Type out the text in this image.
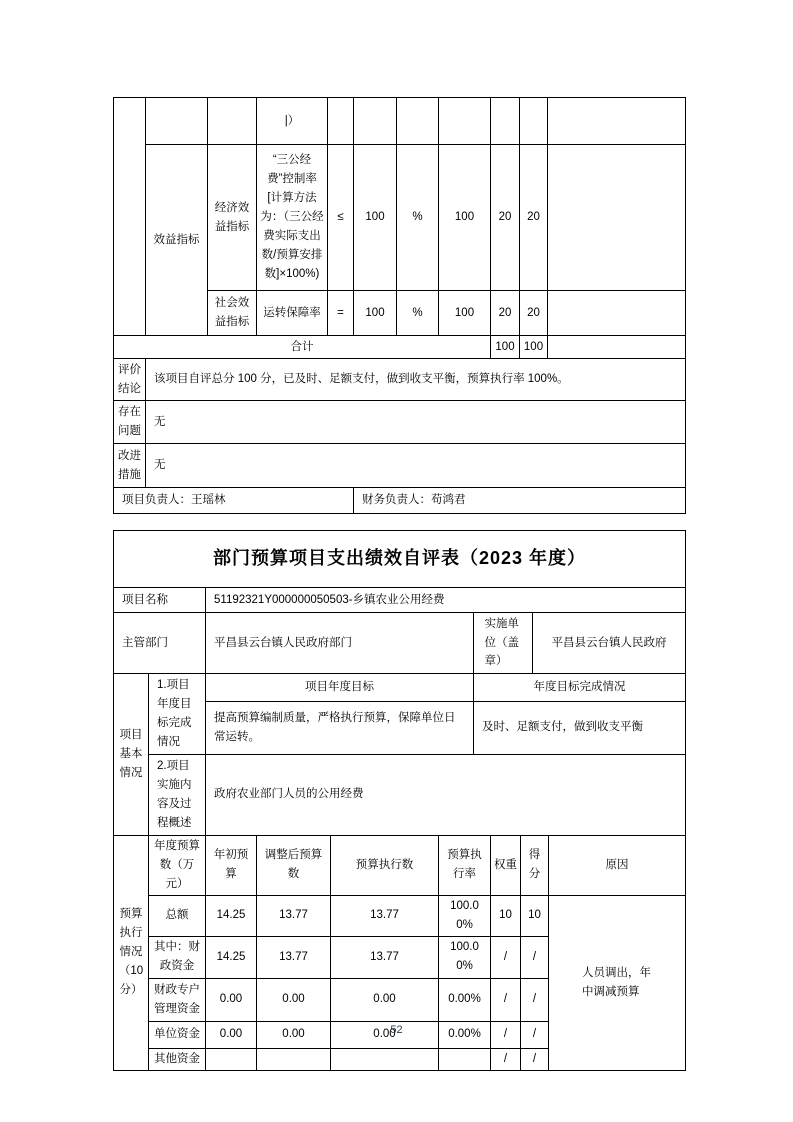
			|）							
	效益指标	经济效益指标	“三公经费”控制率[计算方法为：（三公经费实际支出数/预算安排数]×100%)	≤	100	%	100	20	20	
		社会效益指标	运转保障率	=	100	%	100	20	20	
合计								100	100	
评价结论	该项目自评总分 100 分，已及时、足额支付，做到收支平衡，预算执行率 100%。									
存在问题	无									
改进措施	无									
项目负责人：王瑶林					财务负责人：苟鸿君					
部门预算项目支出绩效自评表（2023 年度）										
项目名称		51192321Y000000050503-乡镇农业公用经费								
主管部门		平昌县云台镇人民政府部门				实施单位（盖章）			平昌县云台镇人民政府	
项目基本情况	1.项目年度目标完成情况	项目年度目标				年度目标完成情况				
		提高预算编制质量，严格执行预算，保障单位日常运转。				及时、足额支付，做到收支平衡				
	2.项目实施内容及过程概述	政府农业部门人员的公用经费								
预算执行情况（10 分）	年度预算数（万元）	年初预算	调整后预算数	预算执行数	预算执行率		权重	得分		原因
	总额	14.25	13.77	13.77	100.00%		10	10		人员调出，年中调减预算
	其中：财政资金	14.25	13.77	13.77	100.00%		/	/		
	财政专户管理资金	0.00	0.00	0.00	0.00%		/	/		
	单位资金	0.00	0.00	0.00	0.00%		/	/		
	其他资金						/	/		
52
